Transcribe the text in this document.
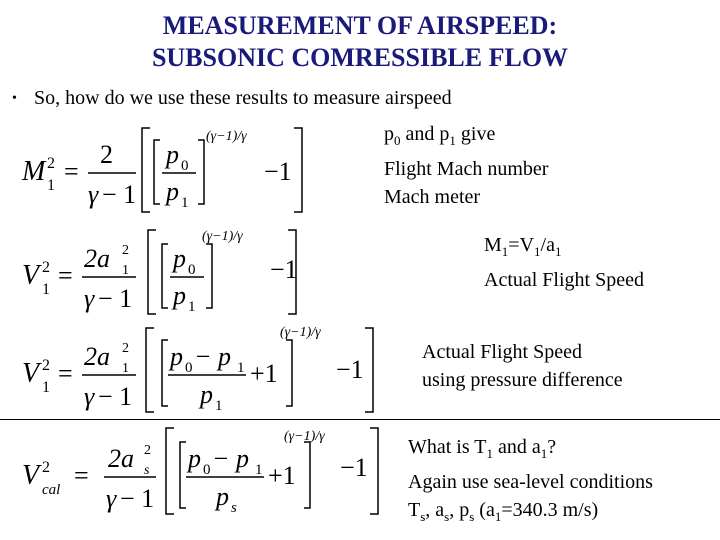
MEASUREMENT OF AIRSPEED:
SUBSONIC COMRESSIBLE FLOW
• So, how do we use these results to measure airspeed
M 1
2 =
2
γ − 1
p 0
p 1
(γ−1)/γ
−1
V 1
2 =
2a 1
2
γ − 1
p 0
p 1
(γ−1)/γ
−1
V 1
2 =
2a 1
2
γ − 1
p 0 − p 1
p 1
+1
(γ−1)/γ
−1
V cal
2 =
2a s
2
γ − 1
p 0 − p 1
p s
+1
(γ−1)/γ
−1
$p_0$ and $p_1$ give
Flight Mach number
Mach meter
$M_1=V_1/a_1$
Actual Flight Speed
Actual Flight Speed
using pressure difference
What is $T_1$ and $a_1$?
Again use sea-level conditions
$T_s$, $a_s$, $p_s$ ($a_1=340.3$ m/s)
